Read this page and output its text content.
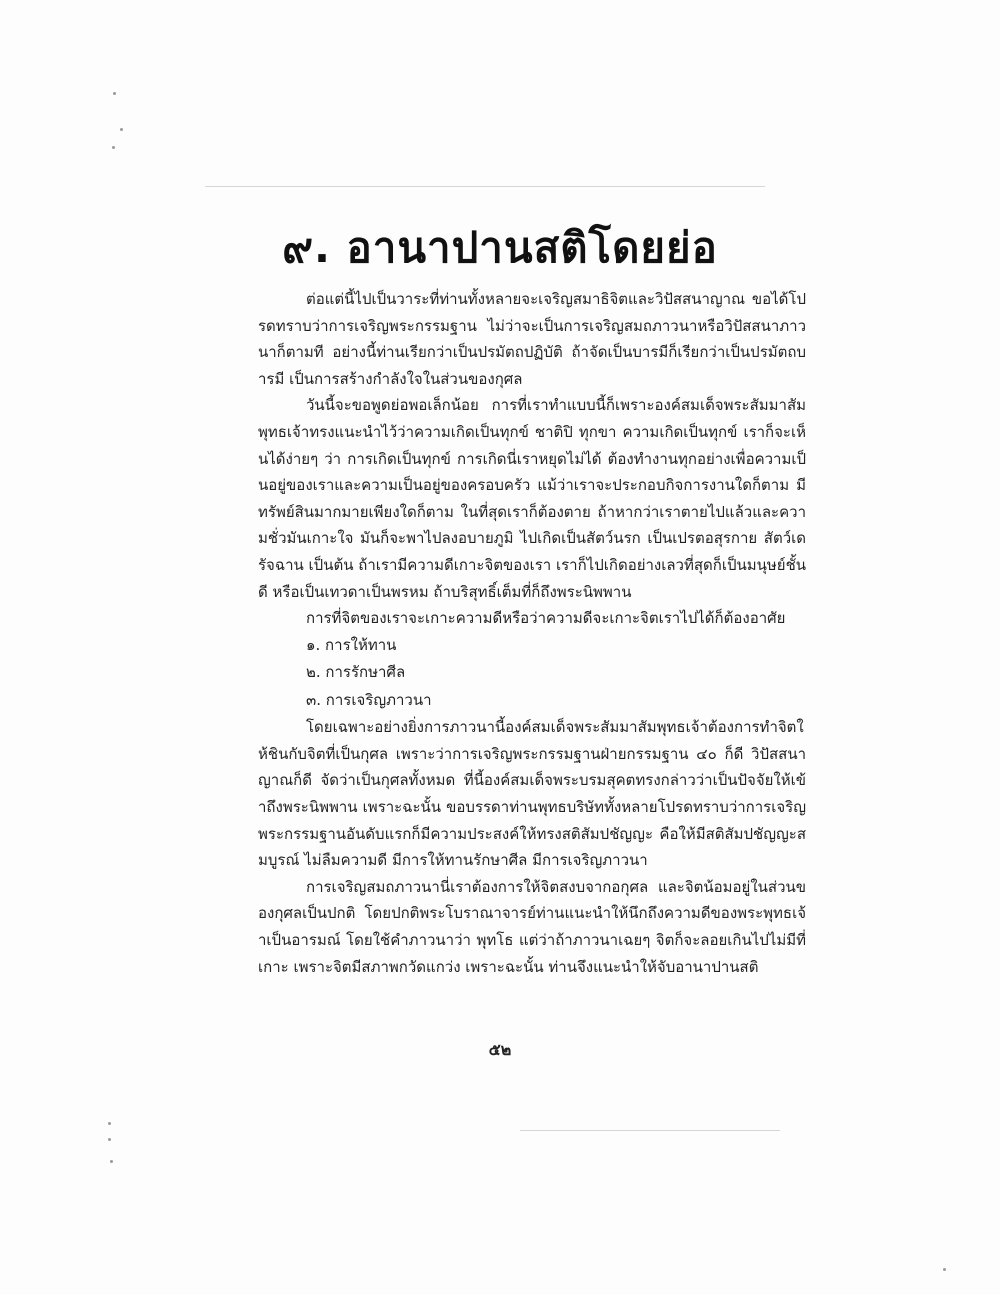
๙. อานาปานสติโดยย่อ

ต่อแต่นี้ไปเป็นวาระที่ท่านทั้งหลายจะเจริญสมาธิจิตและวิปัสสนาญาณ ขอได้โปรดทราบว่าการเจริญพระกรรมฐาน ไม่ว่าจะเป็นการเจริญสมถภาวนาหรือวิปัสสนาภาวนาก็ตามที อย่างนี้ท่านเรียกว่าเป็นปรมัตถปฏิบัติ ถ้าจัดเป็นบารมีก็เรียกว่าเป็นปรมัตถบารมี เป็นการสร้างกำลังใจในส่วนของกุศล

วันนี้จะขอพูดย่อพอเล็กน้อย การที่เราทำแบบนี้ก็เพราะองค์สมเด็จพระสัมมาสัมพุทธเจ้าทรงแนะนำไว้ว่าความเกิดเป็นทุกข์ ชาติปิ ทุกขา ความเกิดเป็นทุกข์ เราก็จะเห็นได้ง่ายๆ ว่า การเกิดเป็นทุกข์ การเกิดนี่เราหยุดไม่ได้ ต้องทำงานทุกอย่างเพื่อความเป็นอยู่ของเราและความเป็นอยู่ของครอบครัว แม้ว่าเราจะประกอบกิจการงานใดก็ตาม มีทรัพย์สินมากมายเพียงใดก็ตาม ในที่สุดเราก็ต้องตาย ถ้าหากว่าเราตายไปแล้วและความชั่วมันเกาะใจ มันก็จะพาไปลงอบายภูมิ ไปเกิดเป็นสัตว์นรก เป็นเปรตอสุรกาย สัตว์เดรัจฉาน เป็นต้น ถ้าเรามีความดีเกาะจิตของเรา เราก็ไปเกิดอย่างเลวที่สุดก็เป็นมนุษย์ชั้นดี หรือเป็นเทวดาเป็นพรหม ถ้าบริสุทธิ์เต็มที่ก็ถึงพระนิพพาน

การที่จิตของเราจะเกาะความดีหรือว่าความดีจะเกาะจิตเราไปได้ก็ต้องอาศัย

๑. การให้ทาน
๒. การรักษาศีล
๓. การเจริญภาวนา

โดยเฉพาะอย่างยิ่งการภาวนานี้องค์สมเด็จพระสัมมาสัมพุทธเจ้าต้องการทำจิตให้ชินกับจิตที่เป็นกุศล เพราะว่าการเจริญพระกรรมฐานฝ่ายกรรมฐาน ๔๐ ก็ดี วิปัสสนาญาณก็ดี จัดว่าเป็นกุศลทั้งหมด ที่นี้องค์สมเด็จพระบรมสุคตทรงกล่าวว่าเป็นปัจจัยให้เข้าถึงพระนิพพาน เพราะฉะนั้น ขอบรรดาท่านพุทธบริษัททั้งหลายโปรดทราบว่าการเจริญพระกรรมฐานอันดับแรกก็มีความประสงค์ให้ทรงสติสัมปชัญญะ คือให้มีสติสัมปชัญญะสมบูรณ์ ไม่ลืมความดี มีการให้ทานรักษาศีล มีการเจริญภาวนา

การเจริญสมถภาวนานี่เราต้องการให้จิตสงบจากอกุศล และจิตน้อมอยู่ในส่วนของกุศลเป็นปกติ โดยปกติพระโบราณาจารย์ท่านแนะนำให้นึกถึงความดีของพระพุทธเจ้าเป็นอารมณ์ โดยใช้คำภาวนาว่า พุทโธ แต่ว่าถ้าภาวนาเฉยๆ จิตก็จะลอยเกินไปไม่มีที่เกาะ เพราะจิตมีสภาพกวัดแกว่ง เพราะฉะนั้น ท่านจึงแนะนำให้จับอานาปานสติ

๕๒
